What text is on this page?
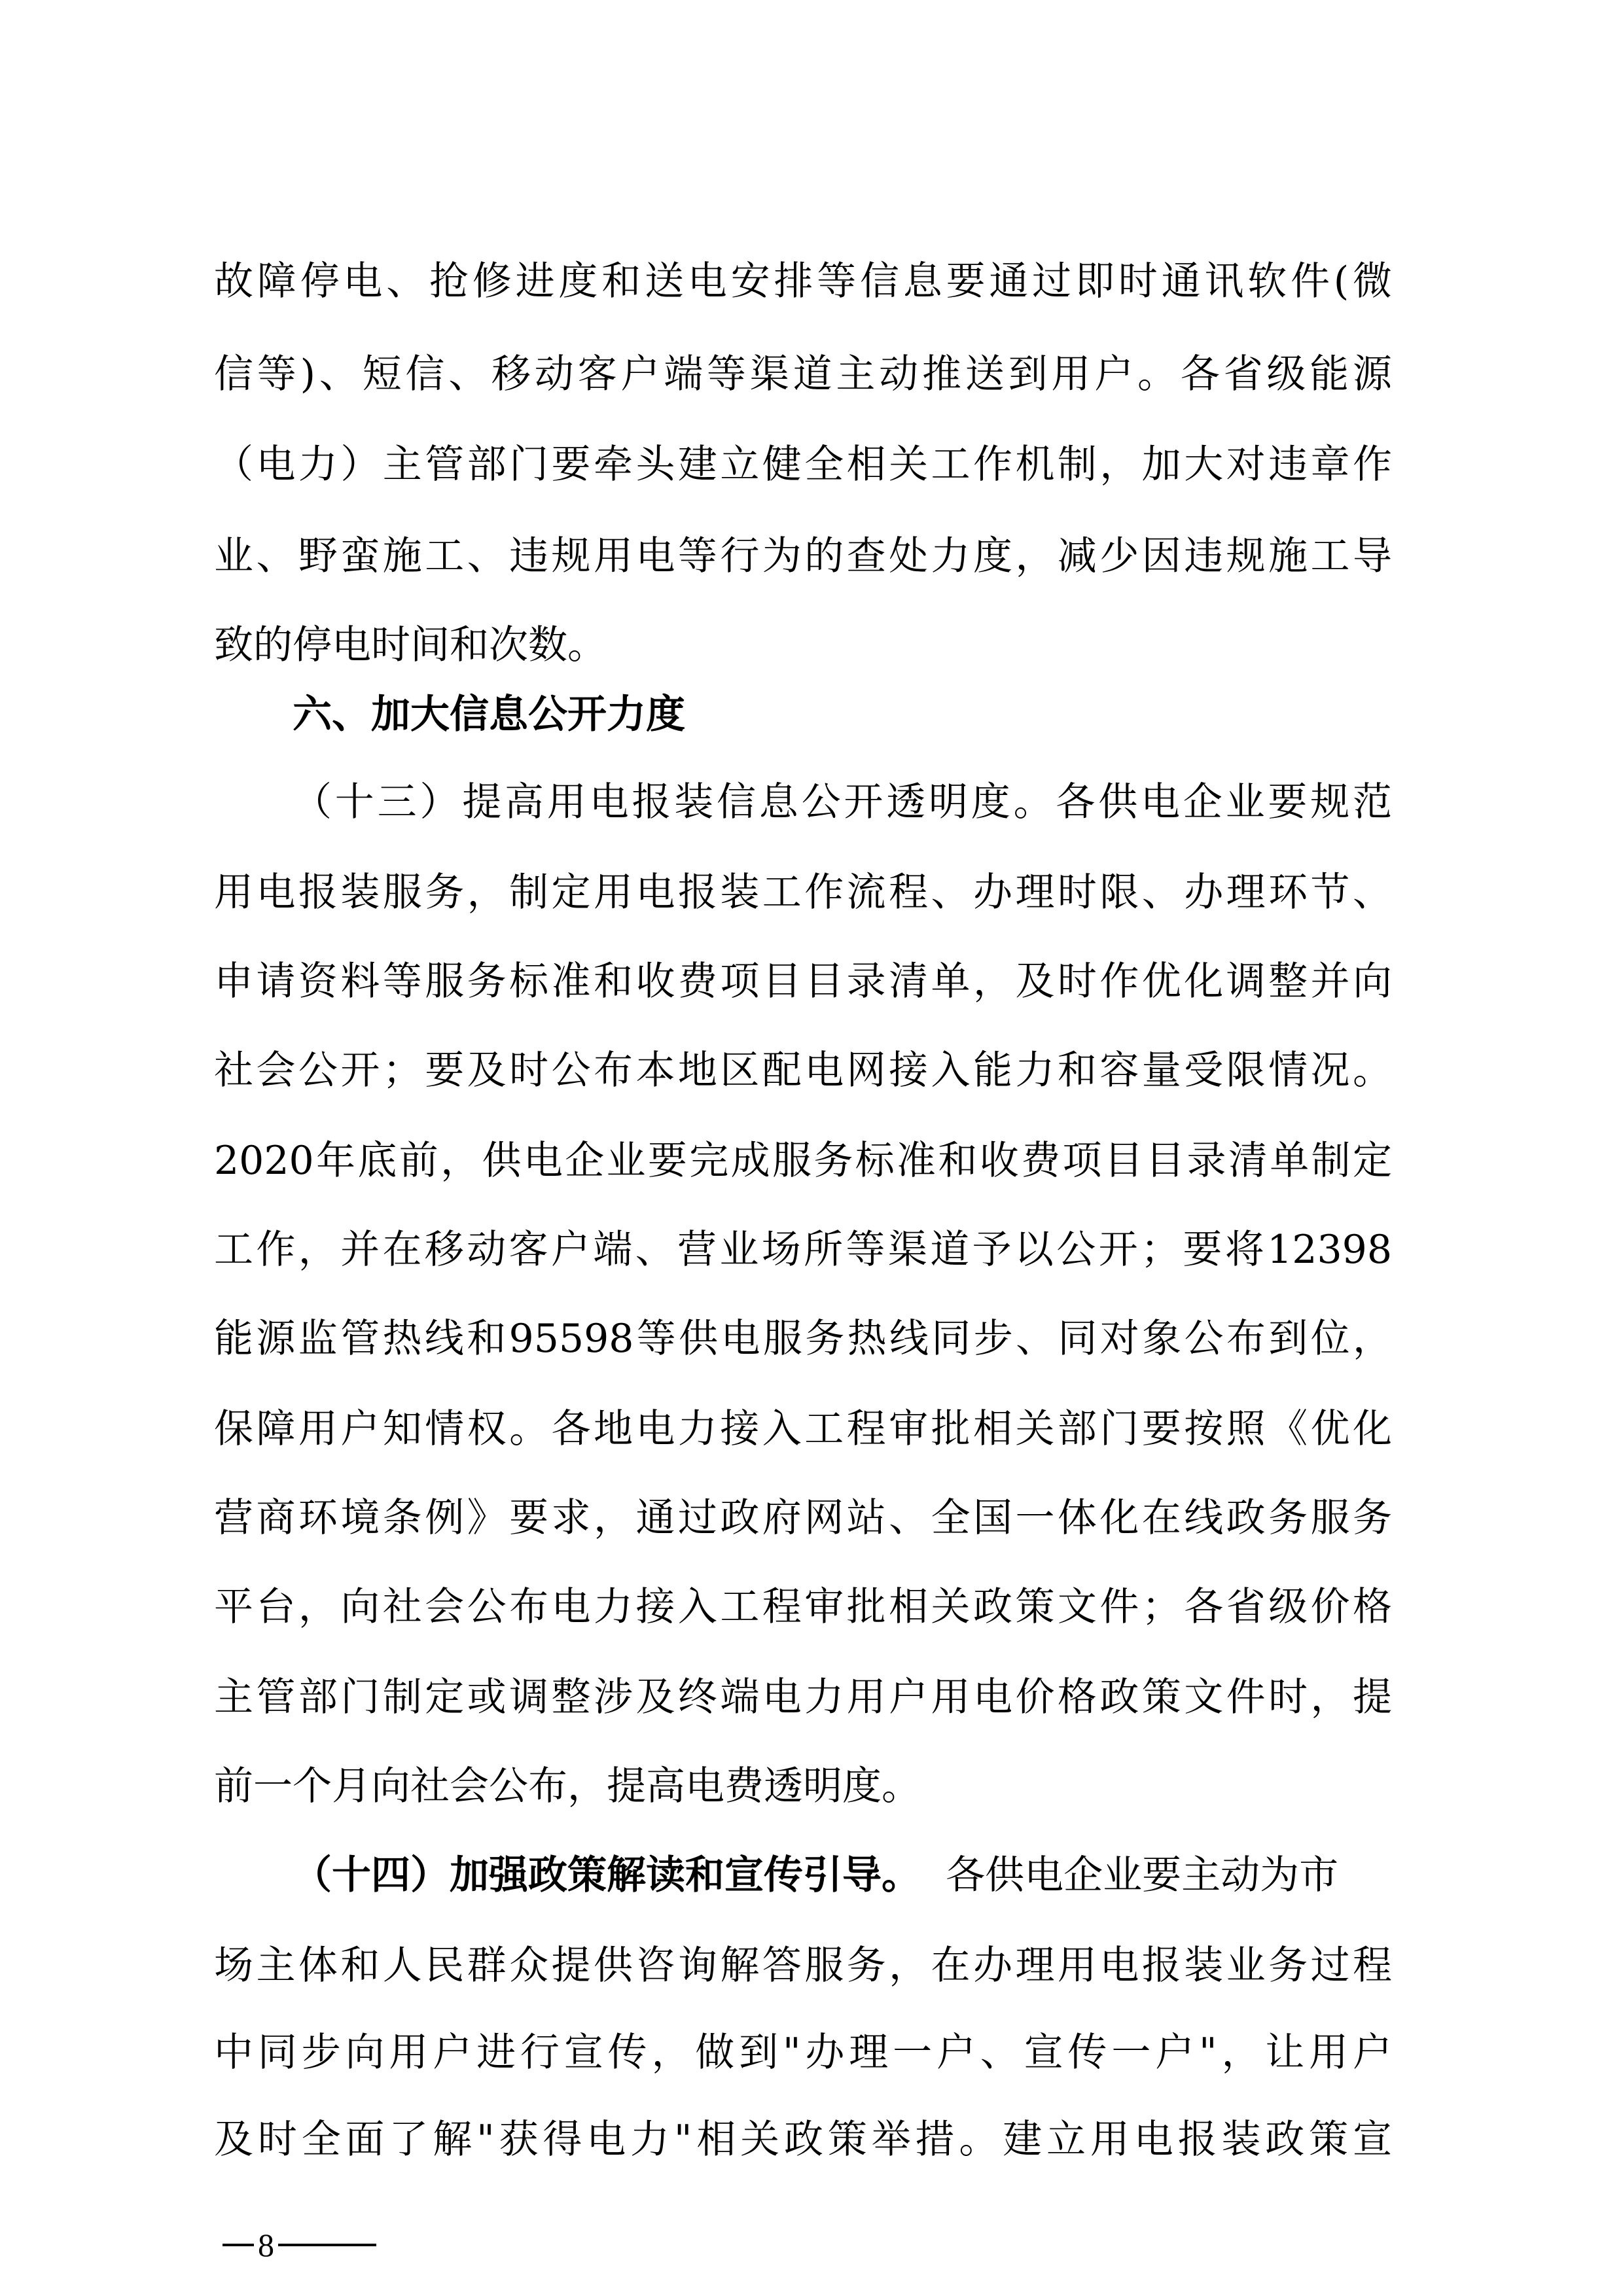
故障停电、抢修进度和送电安排等信息要通过即时通讯软件(微
信等)、短信、移动客户端等渠道主动推送到用户。各省级能源
（电力）主管部门要牵头建立健全相关工作机制，加大对违章作
业、野蛮施工、违规用电等行为的查处力度，减少因违规施工导
致的停电时间和次数。
六、加大信息公开力度
（十三）提高用电报装信息公开透明度。各供电企业要规范
用电报装服务，制定用电报装工作流程、办理时限、办理环节、
申请资料等服务标准和收费项目目录清单，及时作优化调整并向
社会公开；要及时公布本地区配电网接入能力和容量受限情况。
2020年底前，供电企业要完成服务标准和收费项目目录清单制定
工作，并在移动客户端、营业场所等渠道予以公开；要将12398
能源监管热线和95598等供电服务热线同步、同对象公布到位，
保障用户知情权。各地电力接入工程审批相关部门要按照《优化
营商环境条例》要求，通过政府网站、全国一体化在线政务服务
平台，向社会公布电力接入工程审批相关政策文件；各省级价格
主管部门制定或调整涉及终端电力用户用电价格政策文件时，提
前一个月向社会公布，提高电费透明度。
（十四）加强政策解读和宣传引导。 各供电企业要主动为市
场主体和人民群众提供咨询解答服务，在办理用电报装业务过程
8
中同步向用户进行宣传，做到"办理一户、宣传一户"，让用户
及时全面了解"获得电力"相关政策举措。建立用电报装政策宣
